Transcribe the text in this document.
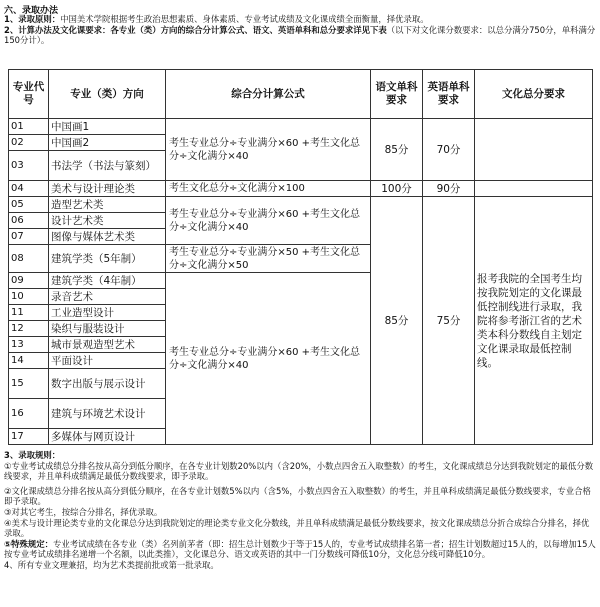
六、录取办法
1、录取原则：中国美术学院根据考生政治思想素质、身体素质、专业考试成绩及文化课成绩全面衡量，择优录取。
2、计算办法及文化课要求：各专业（类）方向的综合分计算公式、语文、英语单科和总分要求详见下表（以下对文化课分数要求：以总分满分750分，单科满分150分计）。
专业代号	专业（类）方向	综合分计算公式	语文单科要求	英语单科要求	文化总分要求
01	中国画1	考生专业总分÷专业满分×60 +考生文化总分÷文化满分×40	85分	70分	
02	中国画2				
03	书法学（书法与篆刻）				
04	美术与设计理论类	考生文化总分÷文化满分×100	100分	90分	
05	造型艺术类	考生专业总分÷专业满分×60 +考生文化总分÷文化满分×40	85分	75分	报考我院的全国考生均按我院划定的文化课最低控制线进行录取，我院将参考浙江省的艺术类本科分数线自主划定文化课录取最低控制线。
06	设计艺术类				
07	图像与媒体艺术类				
08	建筑学类（5年制）	考生专业总分÷专业满分×50 +考生文化总分÷文化满分×50			
09	建筑学类（4年制）	考生专业总分÷专业满分×60 +考生文化总分÷文化满分×40			
10	录音艺术				
11	工业造型设计				
12	染织与服装设计				
13	城市景观造型艺术				
14	平面设计				
15	数字出版与展示设计				
16	建筑与环境艺术设计				
17	多媒体与网页设计				
3、录取规则：
①专业考试成绩总分排名按从高分到低分顺序，在各专业计划数20%以内（含20%，小数点四舍五入取整数）的考生，文化课成绩总分达到我院划定的最低分数线要求，并且单科成绩满足最低分数线要求，即予录取。
②文化课成绩总分排名按从高分到低分顺序，在各专业计划数5%以内（含5%，小数点四舍五入取整数）的考生，并且单科成绩满足最低分数线要求，专业合格即予录取。
③对其它考生，按综合分排名，择优录取。
④美术与设计理论类专业的文化课总分达到我院划定的理论类专业文化分数线，并且单科成绩满足最低分数线要求，按文化课成绩总分折合成综合分排名，择优录取。
⑤特殊规定：专业考试成绩在各专业（类）名列前茅者（即：招生总计划数少于等于15人的，专业考试成绩排名第一者；招生计划数超过15人的，以每增加15人按专业考试成绩排名递增一个名额，以此类推），文化课总分、语文或英语的其中一门分数线可降低10分，文化总分线可降低10分。
4、所有专业文理兼招，均为艺术类提前批或第一批录取。
